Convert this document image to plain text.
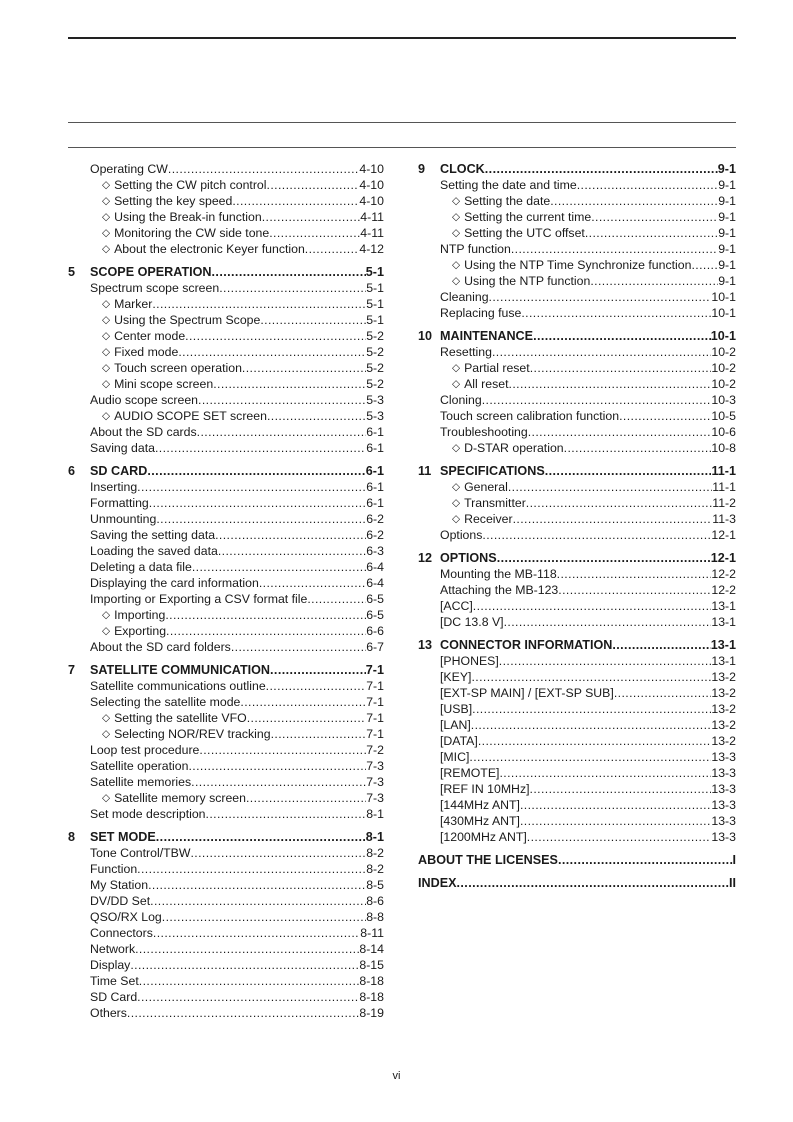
Operating CW .....	4-10
◇ Setting the CW pitch control .....	4-10
◇ Setting the key speed .....	4-10
◇ Using the Break-in function .....	4-11
◇ Monitoring the CW side tone .....	4-11
◇ About the electronic Keyer function .....	4-12
5	SCOPE OPERATION .....	5-1
Spectrum scope screen .....	5-1
◇ Marker .....	5-1
◇ Using the Spectrum Scope .....	5-1
◇ Center mode .....	5-2
◇ Fixed mode .....	5-2
◇ Touch screen operation .....	5-2
◇ Mini scope screen .....	5-2
Audio scope screen .....	5-3
◇ AUDIO SCOPE SET screen .....	5-3
About the SD cards .....	6-1
Saving data .....	6-1
6	SD CARD .....	6-1
Inserting .....	6-1
Formatting .....	6-1
Unmounting .....	6-2
Saving the setting data .....	6-2
Loading the saved data .....	6-3
Deleting a data file .....	6-4
Displaying the card information .....	6-4
Importing or Exporting a CSV format file .....	6-5
◇ Importing .....	6-5
◇ Exporting .....	6-6
About the SD card folders .....	6-7
7	SATELLITE COMMUNICATION .....	7-1
Satellite communications outline .....	7-1
Selecting the satellite mode .....	7-1
◇ Setting the satellite VFO .....	7-1
◇ Selecting NOR/REV tracking .....	7-1
Loop test procedure .....	7-2
Satellite operation .....	7-3
Satellite memories .....	7-3
◇ Satellite memory screen .....	7-3
Set mode description .....	8-1
8	SET MODE .....	8-1
Tone Control/TBW .....	8-2
Function .....	8-2
My Station .....	8-5
DV/DD Set .....	8-6
QSO/RX Log .....	8-8
Connectors .....	8-11
Network .....	8-14
Display .....	8-15
Time Set .....	8-18
SD Card .....	8-18
Others .....	8-19
9	CLOCK .....	9-1
Setting the date and time .....	9-1
◇ Setting the date .....	9-1
◇ Setting the current time .....	9-1
◇ Setting the UTC offset .....	9-1
NTP function .....	9-1
◇ Using the NTP Time Synchronize function ..... 9-1
◇ Using the NTP function .....	9-1
Cleaning .....	10-1
Replacing fuse .....	10-1
10 MAINTENANCE .....	10-1
Resetting .....	10-2
◇ Partial reset .....	10-2
◇ All reset .....	10-2
Cloning .....	10-3
Touch screen calibration function .....	10-5
Troubleshooting .....	10-6
◇ D-STAR operation .....	10-8
11 SPECIFICATIONS .....	11-1
◇ General .....	11-1
◇ Transmitter .....	11-2
◇ Receiver .....	11-3
Options .....	12-1
12 OPTIONS .....	12-1
Mounting the MB-118 .....	12-2
Attaching the MB-123 .....	12-2
[ACC] .....	13-1
[DC 13.8 V] .....	13-1
13 CONNECTOR INFORMATION .....	13-1
[PHONES] .....	13-1
[KEY] .....	13-2
[EXT-SP MAIN] / [EXT-SP SUB] .....	13-2
[USB] .....	13-2
[LAN] .....	13-2
[DATA] .....	13-2
[MIC] .....	13-3
[REMOTE] .....	13-3
[REF IN 10MHz] .....	13-3
[144MHz ANT] .....	13-3
[430MHz ANT] .....	13-3
[1200MHz ANT] .....	13-3
ABOUT THE LICENSES .....	I
INDEX .....	II
vi
